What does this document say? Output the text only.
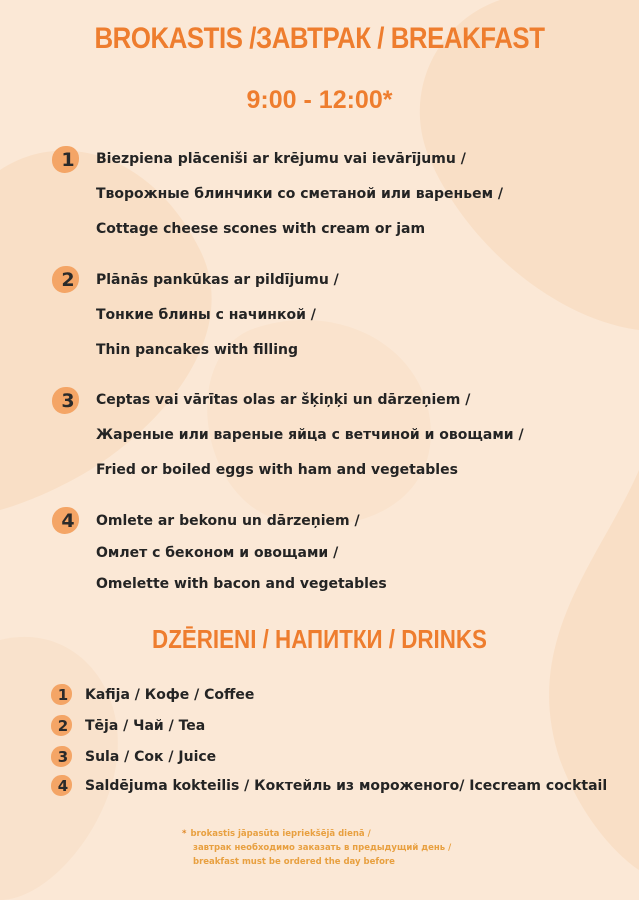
BROKASTIS /ЗАВТРАК / BREAKFAST
9:00 - 12:00*
1	Biezpiena plāceniši ar krējumu vai ievārījumu /
Творожные блинчики со сметаной или вареньем /
Cottage cheese scones with cream or jam
2	Plānās pankūkas ar pildījumu /
Тонкие блины с начинкой /
Thin pancakes with filling
3	Ceptas vai vārītas olas ar šķiņķi un dārzeņiem /
Жареные или вареные яйца с ветчиной и овощами /
Fried or boiled eggs with ham and vegetables
4	Omlete ar bekonu un dārzeņiem /
Омлет с беконом и овощами /
Omelette with bacon and vegetables
DZĒRIENI / НАПИТКИ / DRINKS
1	Kafija / Кофе / Coffee
2	Tēja / Чай / Tea
3	Sula / Сок / Juice
4	Saldējuma kokteilis / Коктейль из мороженого/ Icecream cocktail
* brokastis jāpasūta iepriekšējā dienā /
завтрак необходимо заказать в предыдущий день /
breakfast must be ordered the day before
